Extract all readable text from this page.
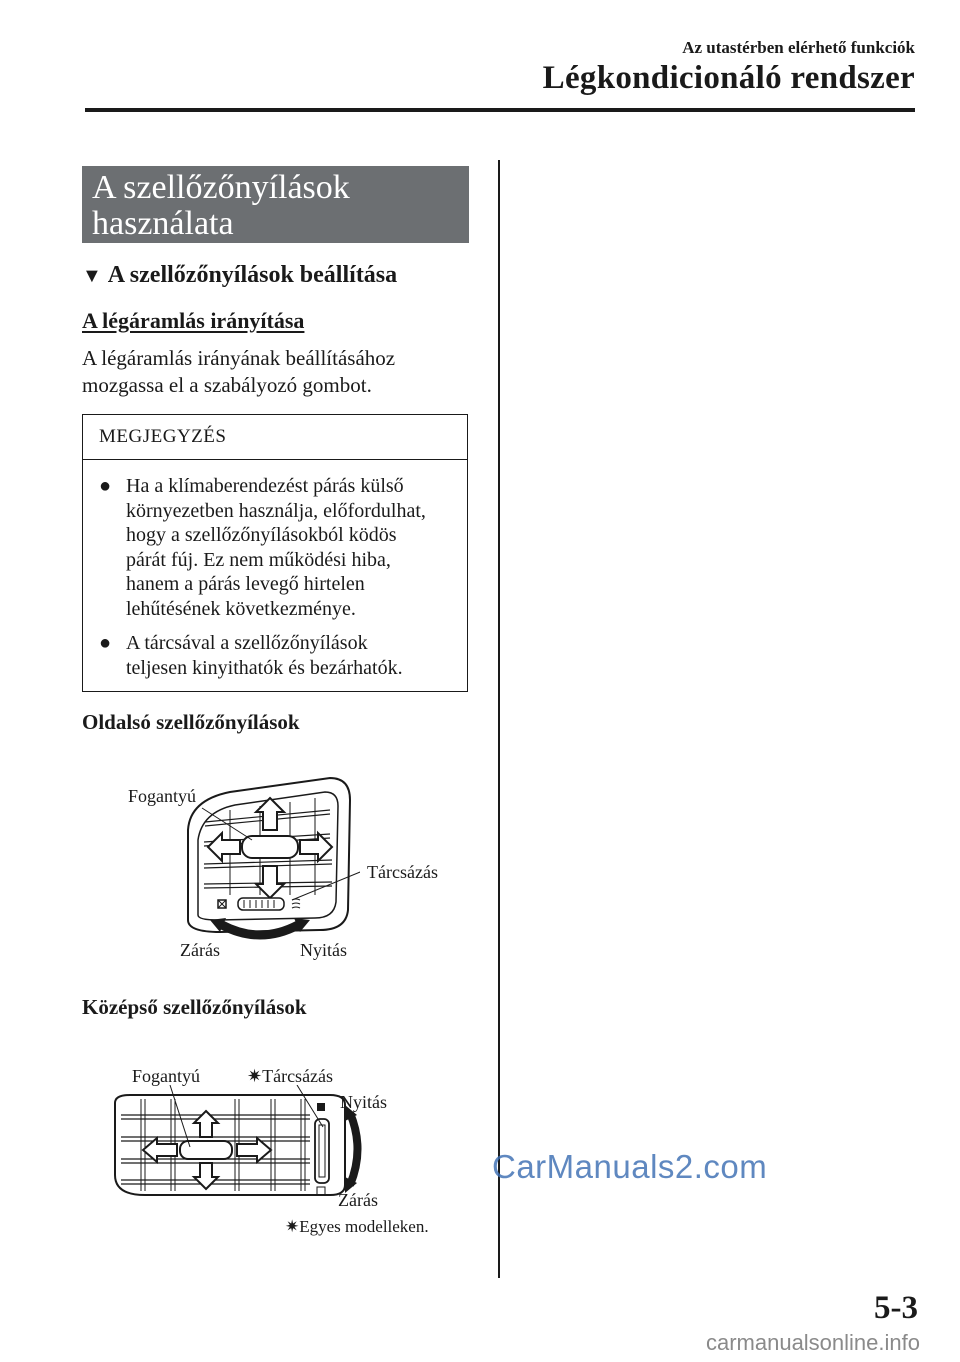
Az utastérben elérhető funkciók
Légkondicionáló rendszer
A szellőzőnyílások
használata
▼ A szellőzőnyílások beállítása
A légáramlás irányítása
A légáramlás irányának beállításához
mozgassa el a szabályozó gombot.
MEGJEGYZÉS
● Ha a klímaberendezést párás külső
környezetben használja, előfordulhat,
hogy a szellőzőnyílásokból ködös
párát fúj. Ez nem működési hiba,
hanem a párás levegő hirtelen
lehűtésének következménye.
● A tárcsával a szellőzőnyílások
teljesen kinyithatók és bezárhatók.
Oldalsó szellőzőnyílások
Fogantyú
Tárcsázás
Zárás	Nyitás
Középső szellőzőnyílások
Fogantyú	✷Tárcsázás
Nyitás
Zárás
✷Egyes modelleken.
CarManuals2.com
5-3
carmanualsonline.info
